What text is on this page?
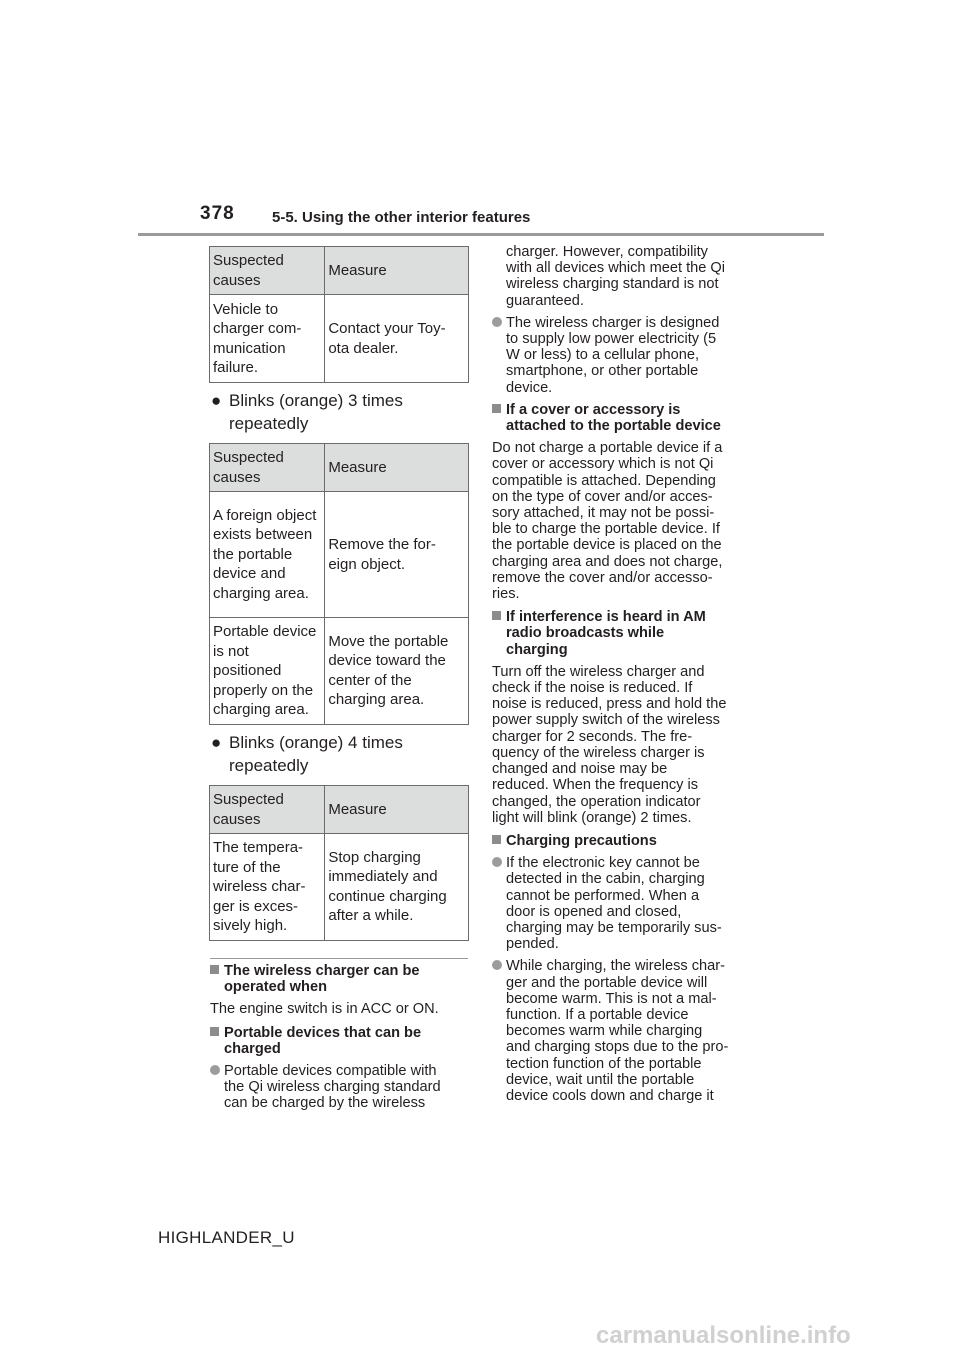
378 5-5. Using the other interior features
Suspected causes	Measure
Vehicle to charger com- munication failure.	Contact your Toy- ota dealer.
● Blinks (orange) 3 times
repeatedly
Suspected causes	Measure
A foreign object exists between the portable device and charging area.	Remove the for- eign object.
Portable device is not positioned properly on the charging area.	Move the portable device toward the center of the charging area.
● Blinks (orange) 4 times
repeatedly
Suspected causes	Measure
The tempera- ture of the wireless char- ger is exces- sively high.	Stop charging immediately and continue charging after a while.
The wireless charger can be
operated when
The engine switch is in ACC or ON.
Portable devices that can be
charged
Portable devices compatible with
the Qi wireless charging standard
can be charged by the wireless
charger. However, compatibility
with all devices which meet the Qi
wireless charging standard is not
guaranteed.
The wireless charger is designed
to supply low power electricity (5
W or less) to a cellular phone,
smartphone, or other portable
device.
If a cover or accessory is
attached to the portable device
Do not charge a portable device if a
cover or accessory which is not Qi
compatible is attached. Depending
on the type of cover and/or acces-
sory attached, it may not be possi-
ble to charge the portable device. If
the portable device is placed on the
charging area and does not charge,
remove the cover and/or accesso-
ries.
If interference is heard in AM
radio broadcasts while
charging
Turn off the wireless charger and
check if the noise is reduced. If
noise is reduced, press and hold the
power supply switch of the wireless
charger for 2 seconds. The fre-
quency of the wireless charger is
changed and noise may be
reduced. When the frequency is
changed, the operation indicator
light will blink (orange) 2 times.
Charging precautions
If the electronic key cannot be
detected in the cabin, charging
cannot be performed. When a
door is opened and closed,
charging may be temporarily sus-
pended.
While charging, the wireless char-
ger and the portable device will
become warm. This is not a mal-
function. If a portable device
becomes warm while charging
and charging stops due to the pro-
tection function of the portable
device, wait until the portable
device cools down and charge it
HIGHLANDER_U
carmanualsonline.info
